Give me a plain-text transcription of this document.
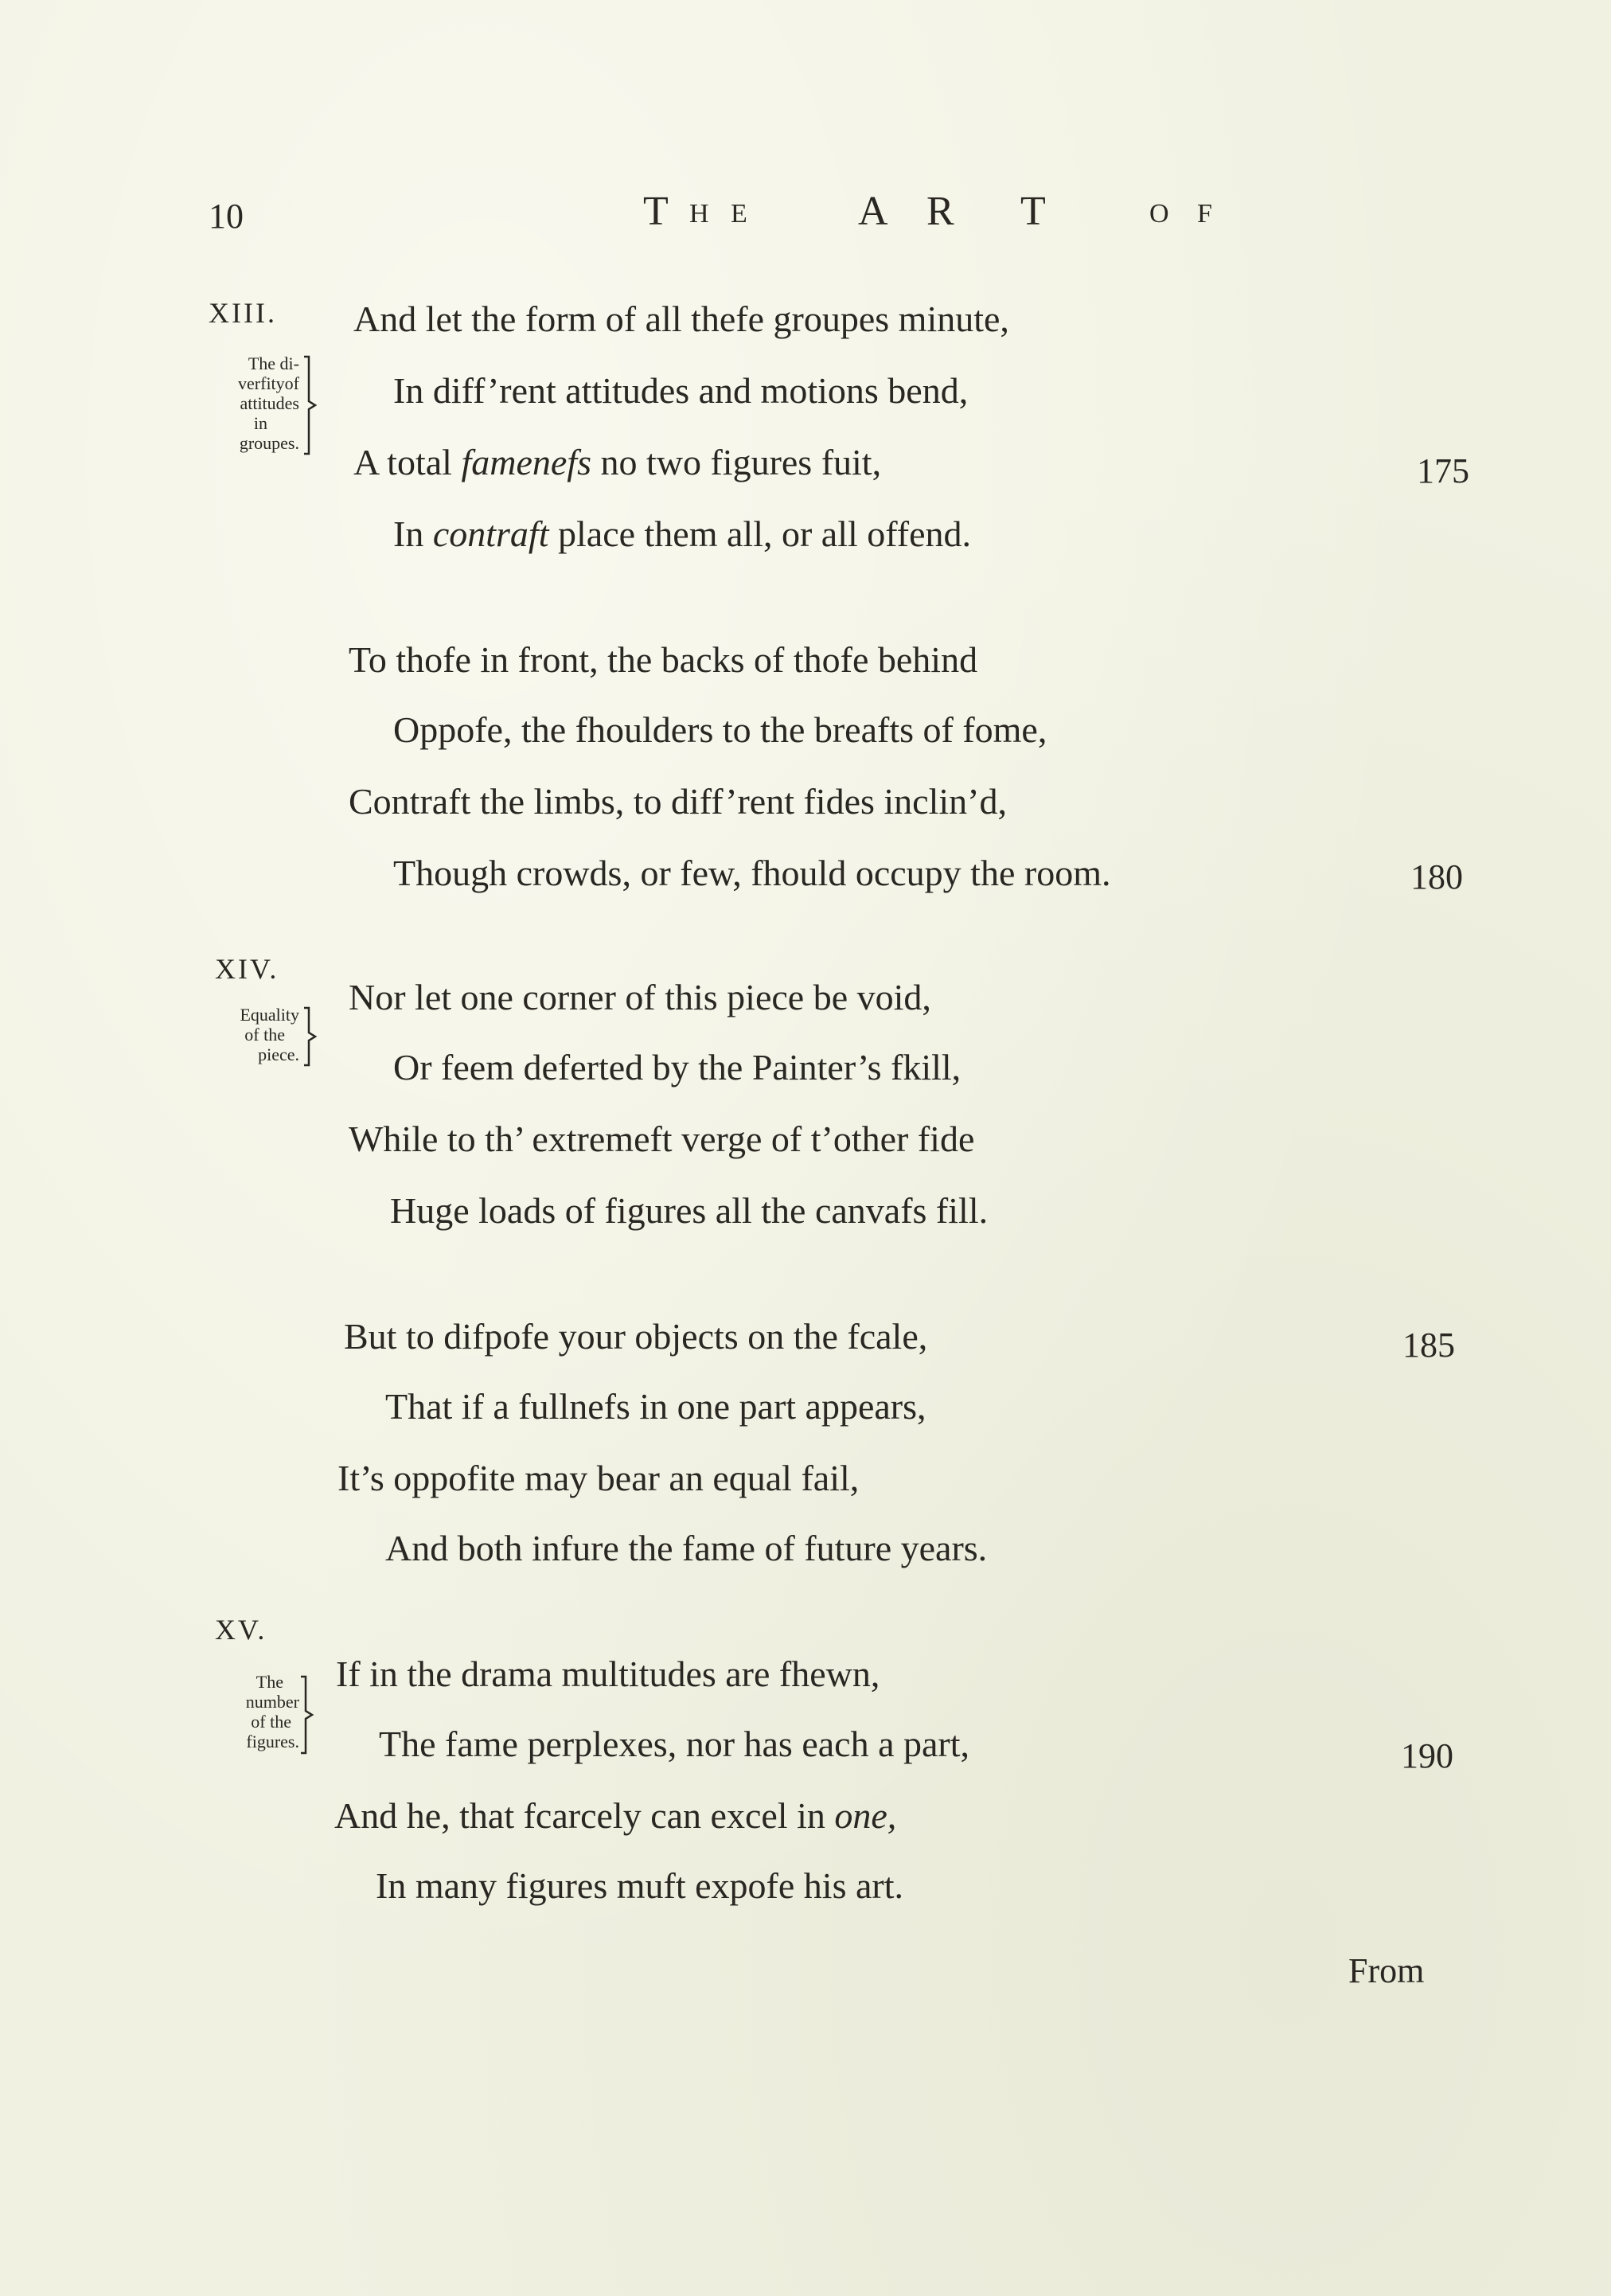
10	T H E	A R T	O F
XIII.
The di-
verfityof
attitudes
in
groupes.
XIV.
Equality
of the
piece.
XV.
The
number
of the
figures.
And let the form of all thefe groupes minute,
In diff’rent attitudes and motions bend,
A total famenefs no two figures fuit,
In contraft place them all, or all offend.
175
To thofe in front, the backs of thofe behind
Oppofe, the fhoulders to the breafts of fome,
Contraft the limbs, to diff’rent fides inclin’d,
Though crowds, or few, fhould occupy the room.	180
Nor let one corner of this piece be void,
Or feem deferted by the Painter’s fkill,
While to th’ extremeft verge of t’other fide
Huge loads of figures all the canvafs fill.
But to difpofe your objects on the fcale,
That if a fullnefs in one part appears,
It’s oppofite may bear an equal fail,
And both infure the fame of future years.
185
If in the drama multitudes are fhewn,
The fame perplexes, nor has each a part,
And he, that fcarcely can excel in one,
In many figures muft expofe his art.
190
From
